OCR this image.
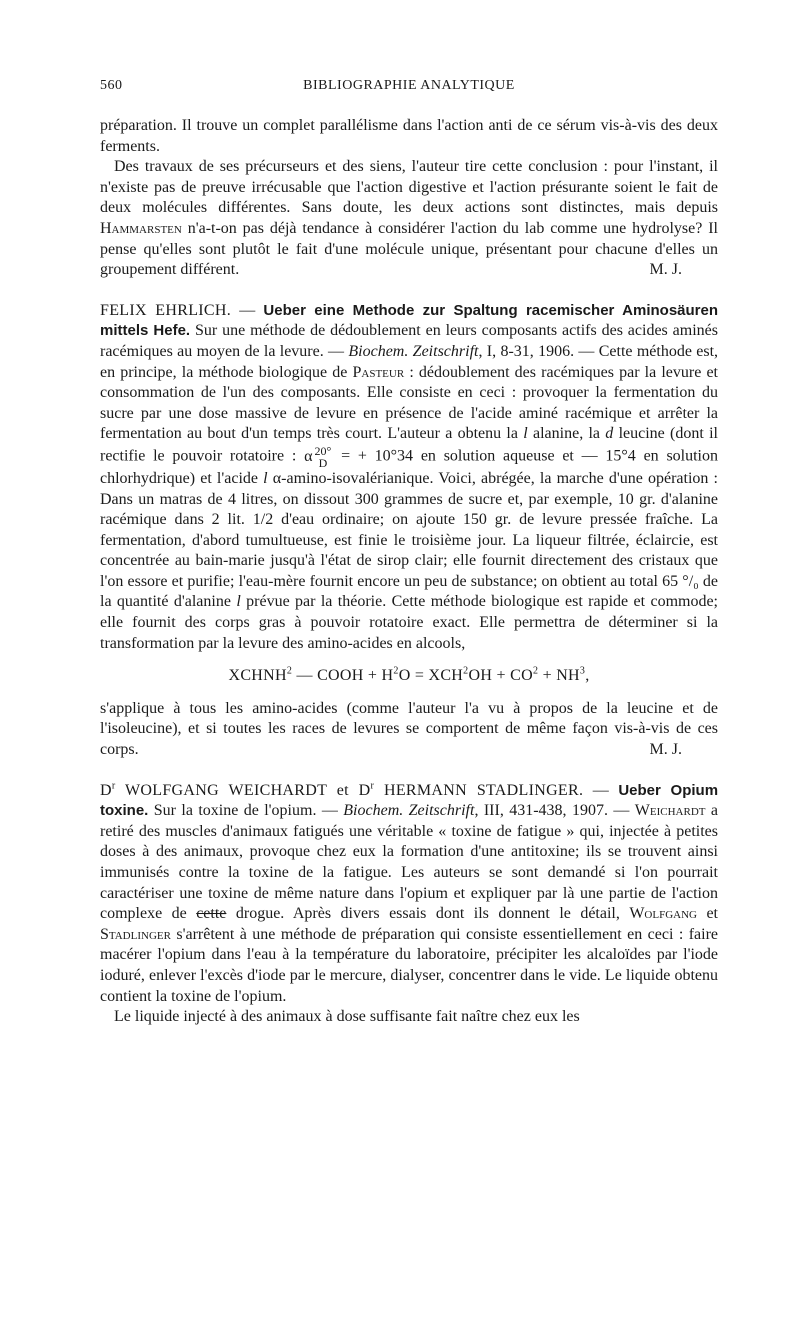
560	BIBLIOGRAPHIE ANALYTIQUE

préparation. Il trouve un complet parallélisme dans l'action anti de ce sérum vis-à-vis des deux ferments.

Des travaux de ses précurseurs et des siens, l'auteur tire cette conclusion : pour l'instant, il n'existe pas de preuve irrécusable que l'action digestive et l'action présurante soient le fait de deux molécules différentes. Sans doute, les deux actions sont distinctes, mais depuis Hammarsten n'a-t-on pas déjà tendance à considérer l'action du lab comme une hydrolyse? Il pense qu'elles sont plutôt le fait d'une molécule unique, présentant pour chacune d'elles un groupement différent.	M. J.

FELIX EHRLICH. — Ueber eine Methode zur Spaltung racemischer Aminosäuren mittels Hefe. Sur une méthode de dédoublement en leurs composants actifs des acides aminés racémiques au moyen de la levure. — Biochem. Zeitschrift, I, 8-31, 1906. — Cette méthode est, en principe, la méthode biologique de Pasteur : dédoublement des racémiques par la levure et consommation de l'un des composants. Elle consiste en ceci : provoquer la fermentation du sucre par une dose massive de levure en présence de l'acide aminé racémique et arrêter la fermentation au bout d'un temps très court. L'auteur a obtenu la l alanine, la d leucine (dont il rectifie le pouvoir rotatoire : α 20°
D = + 10°34 en solution aqueuse et — 15°4 en solution chlorhydrique) et l'acide l α-amino-isovalérianique. Voici, abrégée, la marche d'une opération : Dans un matras de 4 litres, on dissout 300 grammes de sucre et, par exemple, 10 gr. d'alanine racémique dans 2 lit. 1/2 d'eau ordinaire; on ajoute 150 gr. de levure pressée fraîche. La fermentation, d'abord tumultueuse, est finie le troisième jour. La liqueur filtrée, éclaircie, est concentrée au bain-marie jusqu'à l'état de sirop clair; elle fournit directement des cristaux que l'on essore et purifie; l'eau-mère fournit encore un peu de substance; on obtient au total 65 °/₀ de la quantité d'alanine l prévue par la théorie. Cette méthode biologique est rapide et commode; elle fournit des corps gras à pouvoir rotatoire exact. Elle permettra de déterminer si la transformation par la levure des amino-acides en alcools,

XCHNH$^2$ — COOH + $H^2O = XCH^2OH + CO^2 + NH^3$,

s'applique à tous les amino-acides (comme l'auteur l'a vu à propos de la leucine et de l'isoleucine), et si toutes les races de levures se comportent de même façon vis-à-vis de ces corps.	M. J.

$D^r$ WOLFGANG WEICHARDT et $D^r$ HERMANN STADLINGER. — Ueber Opium toxine. Sur la toxine de l'opium. — Biochem. Zeitschrift, III, 431-438, 1907. — Weichardt a retiré des muscles d'animaux fatigués une véritable « toxine de fatigue » qui, injectée à petites doses à des animaux, provoque chez eux la formation d'une antitoxine; ils se trouvent ainsi immunisés contre la toxine de la fatigue. Les auteurs se sont demandé si l'on pourrait caractériser une toxine de même nature dans l'opium et expliquer par là une partie de l'action complexe de cette drogue. Après divers essais dont ils donnent le détail, Wolfgang et Stadlinger s'arrêtent à une méthode de préparation qui consiste essentiellement en ceci : faire macérer l'opium dans l'eau à la température du laboratoire, précipiter les alcaloïdes par l'iode ioduré, enlever l'excès d'iode par le mercure, dialyser, concentrer dans le vide. Le liquide obtenu contient la toxine de l'opium.

Le liquide injecté à des animaux à dose suffisante fait naître chez eux les
